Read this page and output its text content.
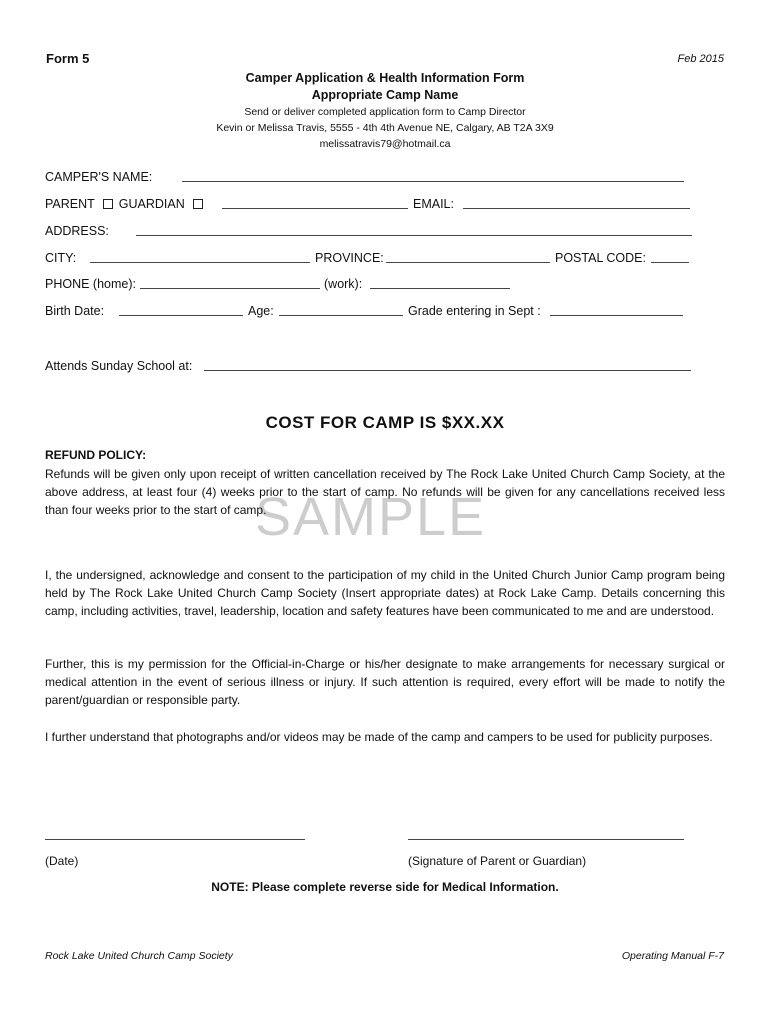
Form 5	Feb 2015
Camper Application & Health Information Form
Appropriate Camp Name
Send or deliver completed application form to Camp Director
Kevin or Melissa Travis, 5555 - 4th 4th Avenue NE, Calgary, AB T2A 3X9
melissatravis79@hotmail.ca
CAMPER'S NAME:
PARENT GUARDIAN	EMAIL:
ADDRESS:
CITY:	PROVINCE:	POSTAL CODE:
PHONE (home):	(work):
Birth Date:	Age:	Grade entering in Sept :
Attends Sunday School at:
COST FOR CAMP IS $XX.XX
SAMPLE
REFUND POLICY:
Refunds will be given only upon receipt of written cancellation received by The Rock Lake United Church Camp Society, at the above address, at least four (4) weeks prior to the start of camp. No refunds will be given for any cancellations received less than four weeks prior to the start of camp.
I, the undersigned, acknowledge and consent to the participation of my child in the United Church Junior Camp program being held by The Rock Lake United Church Camp Society (Insert appropriate dates) at Rock Lake Camp. Details concerning this camp, including activities, travel, leadership, location and safety features have been communicated to me and are understood.
Further, this is my permission for the Official-in-Charge or his/her designate to make arrangements for necessary surgical or medical attention in the event of serious illness or injury. If such attention is required, every effort will be made to notify the parent/guardian or responsible party.
I further understand that photographs and/or videos may be made of the camp and campers to be used for publicity purposes.
(Date)	(Signature of Parent or Guardian)
NOTE: Please complete reverse side for Medical Information.
Rock Lake United Church Camp Society	Operating Manual F-7
